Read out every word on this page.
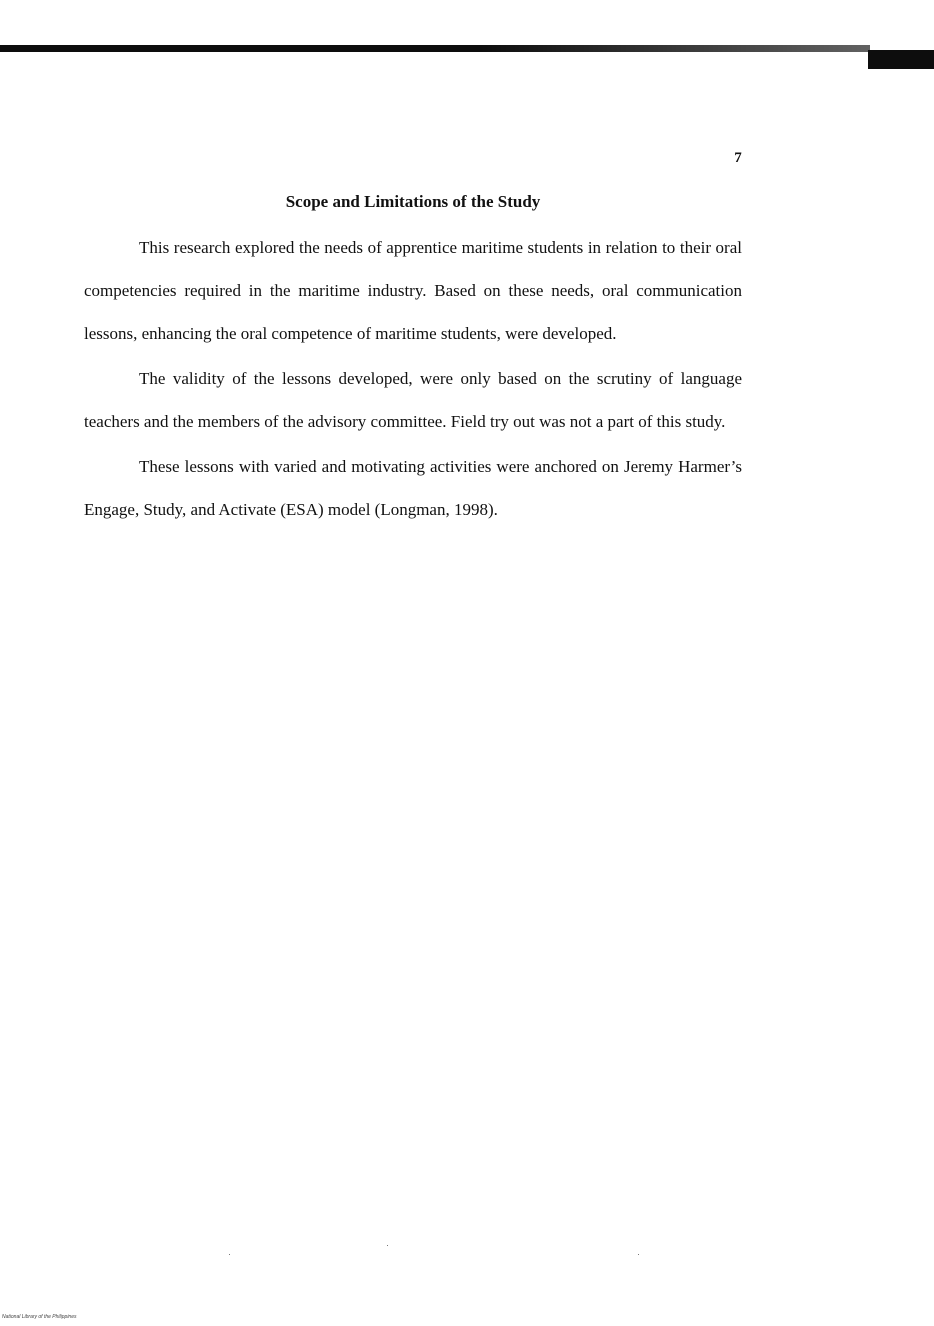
7
Scope and Limitations of the Study

This research explored the needs of apprentice maritime students in relation to their oral competencies required in the maritime industry. Based on these needs, oral communication lessons, enhancing the oral competence of maritime students, were developed.

The validity of the lessons developed, were only based on the scrutiny of language teachers and the members of the advisory committee. Field try out was not a part of this study.

These lessons with varied and motivating activities were anchored on Jeremy Harmer’s Engage, Study, and Activate (ESA) model (Longman, 1998).

National Library of the Philippines
